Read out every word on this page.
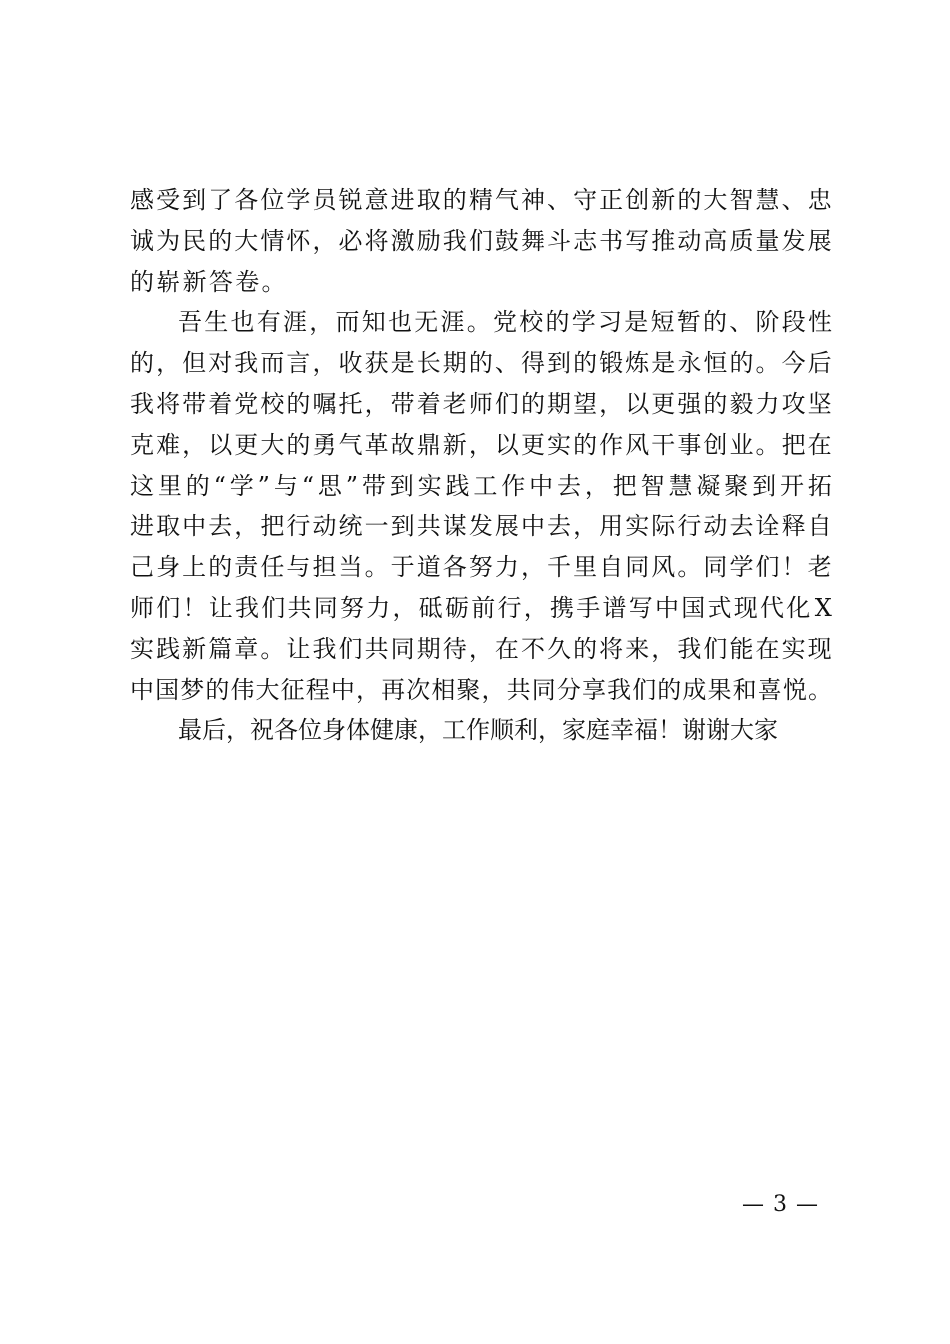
感 受 到 了 各 位 学 员 锐 意 进 取 的 精 气 神 、 守 正 创 新 的 大 智 慧 、 忠
诚 为 民 的 大 情 怀 ， 必 将 激 励 我 们 鼓 舞 斗 志 书 写 推 动 高 质 量 发 展
的崭新答卷。
吾 生 也 有 涯 ， 而 知 也 无 涯 。 党 校 的 学 习 是 短 暂 的 、 阶 段 性
的 ， 但 对 我 而 言 ， 收 获 是 长 期 的 、 得 到 的 锻 炼 是 永 恒 的 。 今 后
我 将 带 着 党 校 的 嘱 托 ， 带 着 老 师 们 的 期 望 ， 以 更 强 的 毅 力 攻 坚
克 难 ， 以 更 大 的 勇 气 革 故 鼎 新 ， 以 更 实 的 作 风 干 事 创 业 。 把 在
这 里 的 “ 学 ” 与 “ 思 ” 带 到 实 践 工 作 中 去 ， 把 智 慧 凝 聚 到 开 拓
进 取 中 去 ， 把 行 动 统 一 到 共 谋 发 展 中 去 ， 用 实 际 行 动 去 诠 释 自
己 身 上 的 责 任 与 担 当 。 于 道 各 努 力 ， 千 里 自 同 风 。 同 学 们 ！ 老
师 们 ！ 让 我 们 共 同 努 力 ， 砥 砺 前 行 ， 携 手 谱 写 中 国 式 现 代 化 X
实 践 新 篇 章 。 让 我 们 共 同 期 待 ， 在 不 久 的 将 来 ， 我 们 能 在 实 现
中 国 梦 的 伟 大 征 程 中 ， 再 次 相 聚 ， 共 同 分 享 我 们 的 成 果 和 喜 悦 。
最后，祝各位身体健康，工作顺利，家庭幸福！谢谢大家
— 3 —
